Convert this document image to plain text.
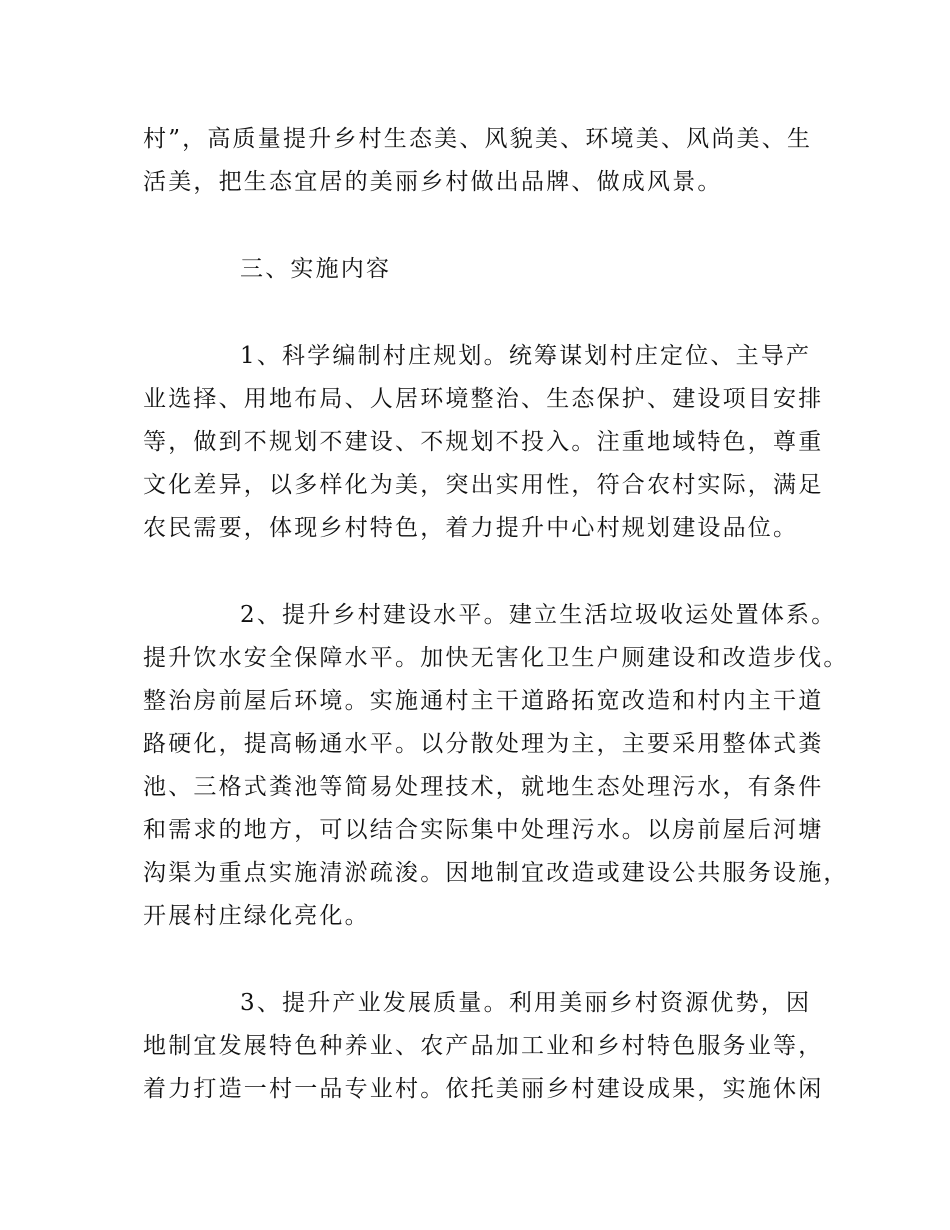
村”，高质量提升乡村生态美、风貌美、环境美、风尚美、生
活美，把生态宜居的美丽乡村做出品牌、做成风景。
三、实施内容
1、科学编制村庄规划。统筹谋划村庄定位、主导产
业选择、用地布局、人居环境整治、生态保护、建设项目安排
等，做到不规划不建设、不规划不投入。注重地域特色，尊重
文化差异，以多样化为美，突出实用性，符合农村实际，满足
农民需要，体现乡村特色，着力提升中心村规划建设品位。
2、提升乡村建设水平。建立生活垃圾收运处置体系。
提升饮水安全保障水平。加快无害化卫生户厕建设和改造步伐。
整治房前屋后环境。实施通村主干道路拓宽改造和村内主干道
路硬化，提高畅通水平。以分散处理为主，主要采用整体式粪
池、三格式粪池等简易处理技术，就地生态处理污水，有条件
和需求的地方，可以结合实际集中处理污水。以房前屋后河塘
沟渠为重点实施清淤疏浚。因地制宜改造或建设公共服务设施，
开展村庄绿化亮化。
3、提升产业发展质量。利用美丽乡村资源优势，因
地制宜发展特色种养业、农产品加工业和乡村特色服务业等，
着力打造一村一品专业村。依托美丽乡村建设成果，实施休闲
